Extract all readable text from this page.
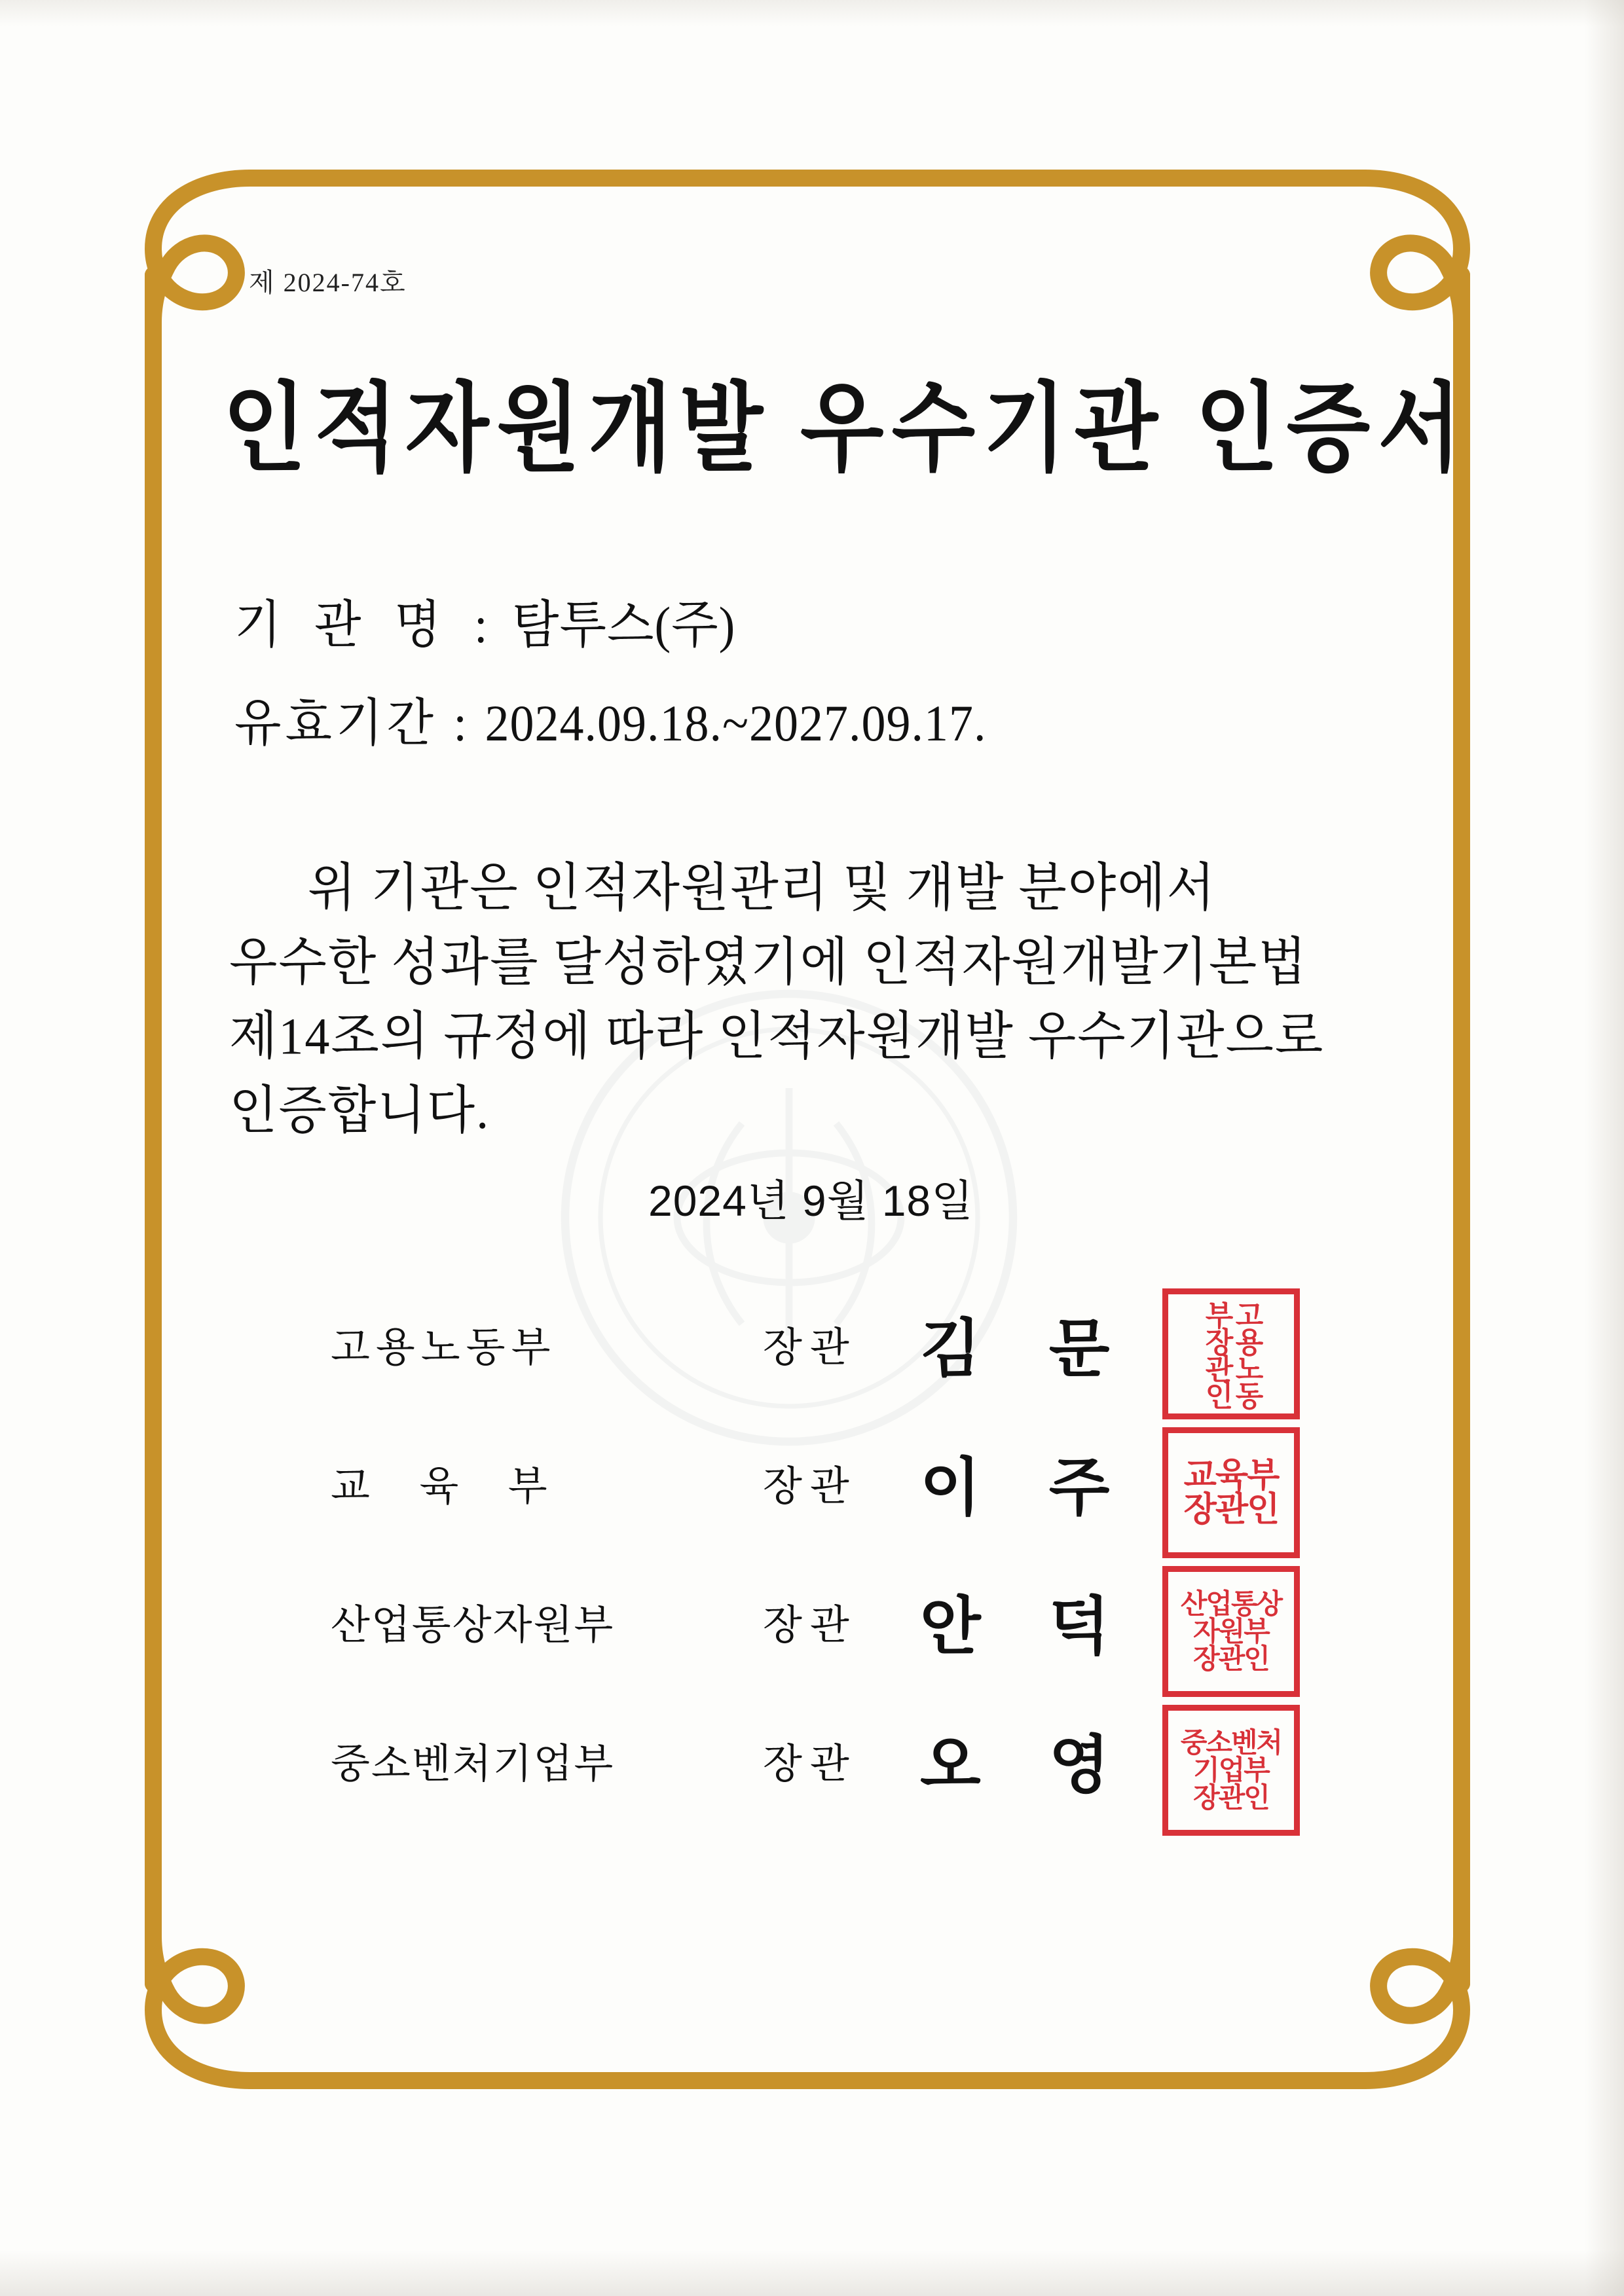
제 2024-74호
인적자원개발 우수기관 인증서
기 관 명 : 탐투스(주)
유효기간 : 2024.09.18.~2027.09.17.
위 기관은 인적자원관리 및 개발 분야에서
우수한 성과를 달성하였기에 인적자원개발기본법
제14조의 규정에 따라 인적자원개발 우수기관으로
인증합니다.
2024년 9월 18일
고용노동부	장관 김 문	고용노동
부장관인
교 육 부	장관 이 주	교육부
장관인
산업통상자원부	장관 안 덕	산업통상
자원부
장관인
중소벤처기업부	장관 오 영	중소벤처
기업부
장관인
